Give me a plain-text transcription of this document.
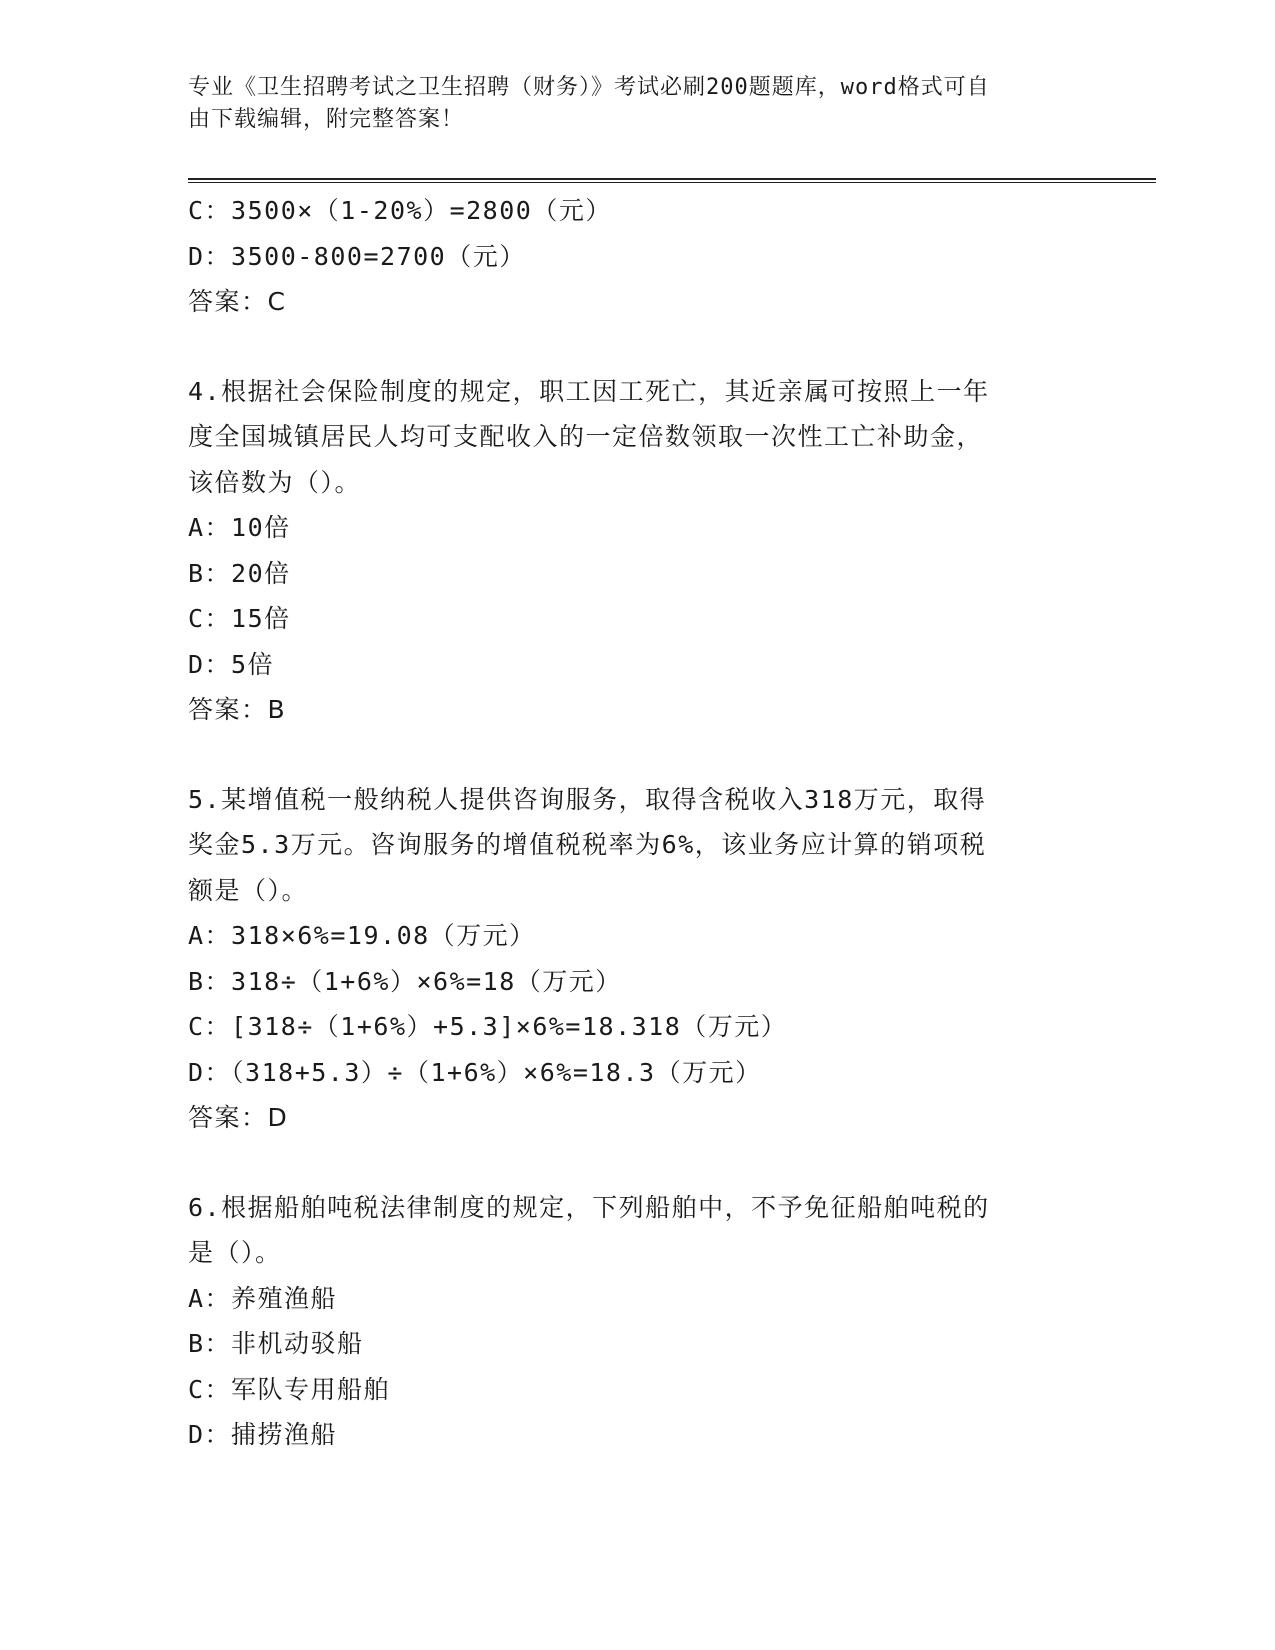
专业《卫生招聘考试之卫生招聘（财务）》考试必刷200题题库，word格式可自
由下载编辑，附完整答案！
C：3500×（1-20%）=2800（元）
D：3500-800=2700（元）
答案：C
4.根据社会保险制度的规定，职工因工死亡，其近亲属可按照上一年
度全国城镇居民人均可支配收入的一定倍数领取一次性工亡补助金，
该倍数为（）。
A：10倍
B：20倍
C：15倍
D：5倍
答案：B
5.某增值税一般纳税人提供咨询服务，取得含税收入318万元，取得
奖金5.3万元。咨询服务的增值税税率为6%，该业务应计算的销项税
额是（）。
A：318×6%=19.08（万元）
B：318÷（1+6%）×6%=18（万元）
C：[318÷（1+6%）+5.3]×6%=18.318（万元）
D：（318+5.3）÷（1+6%）×6%=18.3（万元）
答案：D
6.根据船舶吨税法律制度的规定，下列船舶中，不予免征船舶吨税的
是（）。
A：养殖渔船
B：非机动驳船
C：军队专用船舶
D：捕捞渔船
